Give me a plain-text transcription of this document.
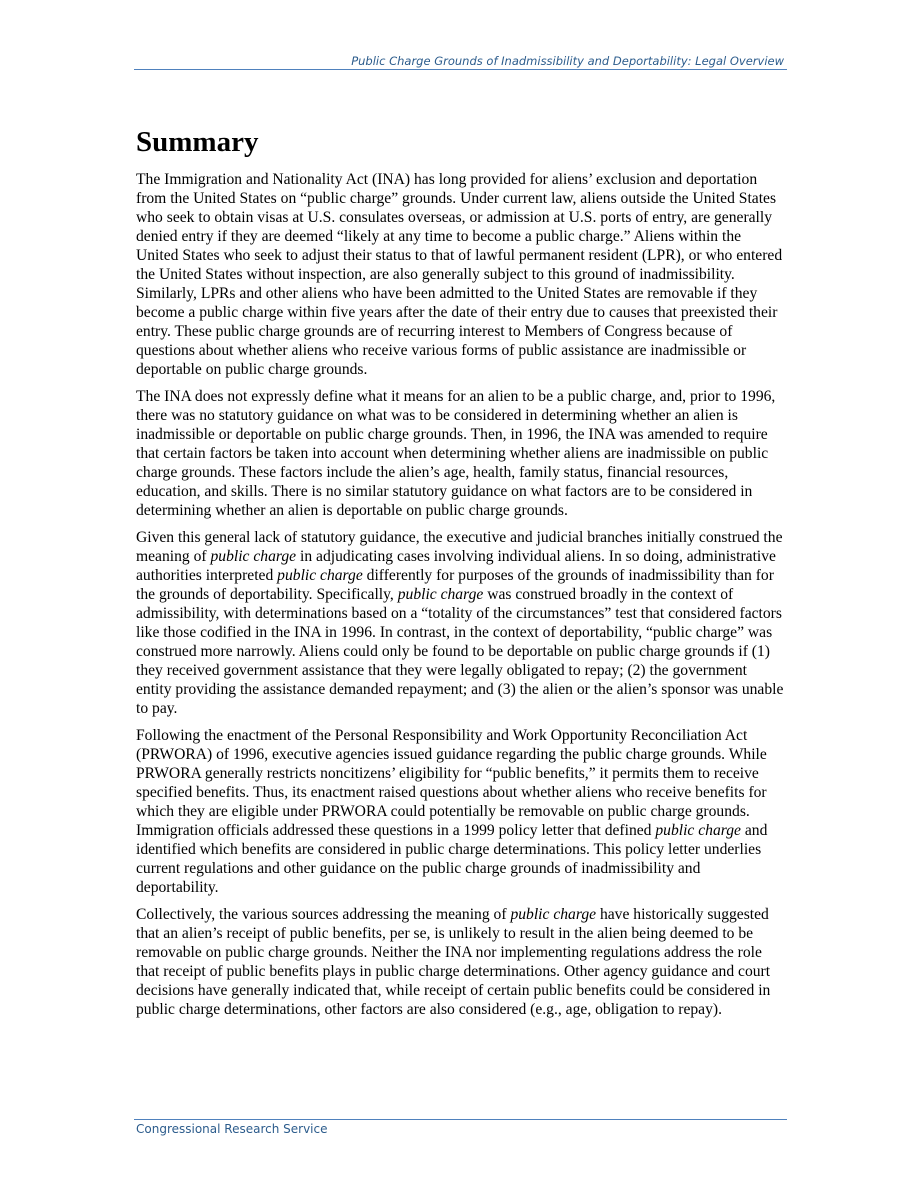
Public Charge Grounds of Inadmissibility and Deportability: Legal Overview
Summary

The Immigration and Nationality Act (INA) has long provided for aliens’ exclusion and deportation from the United States on “public charge” grounds. Under current law, aliens outside the United States who seek to obtain visas at U.S. consulates overseas, or admission at U.S. ports of entry, are generally denied entry if they are deemed “likely at any time to become a public charge.” Aliens within the United States who seek to adjust their status to that of lawful permanent resident (LPR), or who entered the United States without inspection, are also generally subject to this ground of inadmissibility. Similarly, LPRs and other aliens who have been admitted to the United States are removable if they become a public charge within five years after the date of their entry due to causes that preexisted their entry. These public charge grounds are of recurring interest to Members of Congress because of questions about whether aliens who receive various forms of public assistance are inadmissible or deportable on public charge grounds.

The INA does not expressly define what it means for an alien to be a public charge, and, prior to 1996, there was no statutory guidance on what was to be considered in determining whether an alien is inadmissible or deportable on public charge grounds. Then, in 1996, the INA was amended to require that certain factors be taken into account when determining whether aliens are inadmissible on public charge grounds. These factors include the alien’s age, health, family status, financial resources, education, and skills. There is no similar statutory guidance on what factors are to be considered in determining whether an alien is deportable on public charge grounds.

Given this general lack of statutory guidance, the executive and judicial branches initially construed the meaning of public charge in adjudicating cases involving individual aliens. In so doing, administrative authorities interpreted public charge differently for purposes of the grounds of inadmissibility than for the grounds of deportability. Specifically, public charge was construed broadly in the context of admissibility, with determinations based on a “totality of the circumstances” test that considered factors like those codified in the INA in 1996. In contrast, in the context of deportability, “public charge” was construed more narrowly. Aliens could only be found to be deportable on public charge grounds if (1) they received government assistance that they were legally obligated to repay; (2) the government entity providing the assistance demanded repayment; and (3) the alien or the alien’s sponsor was unable to pay.

Following the enactment of the Personal Responsibility and Work Opportunity Reconciliation Act (PRWORA) of 1996, executive agencies issued guidance regarding the public charge grounds. While PRWORA generally restricts noncitizens’ eligibility for “public benefits,” it permits them to receive specified benefits. Thus, its enactment raised questions about whether aliens who receive benefits for which they are eligible under PRWORA could potentially be removable on public charge grounds. Immigration officials addressed these questions in a 1999 policy letter that defined public charge and identified which benefits are considered in public charge determinations. This policy letter underlies current regulations and other guidance on the public charge grounds of inadmissibility and deportability.

Collectively, the various sources addressing the meaning of public charge have historically suggested that an alien’s receipt of public benefits, per se, is unlikely to result in the alien being deemed to be removable on public charge grounds. Neither the INA nor implementing regulations address the role that receipt of public benefits plays in public charge determinations. Other agency guidance and court decisions have generally indicated that, while receipt of certain public benefits could be considered in public charge determinations, other factors are also considered (e.g., age, obligation to repay).

Congressional Research Service
